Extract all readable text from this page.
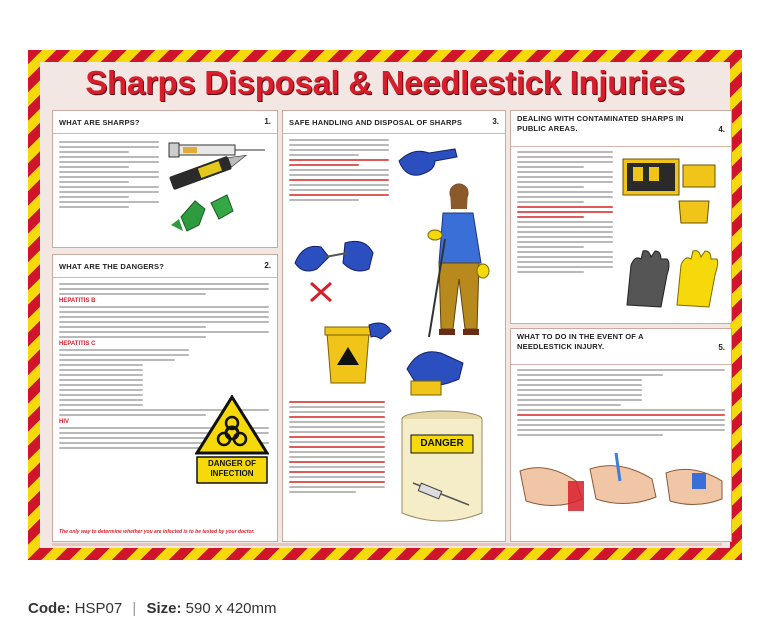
Sharps Disposal & Needlestick Injuries
WHAT ARE SHARPS?	1.
WHAT ARE THE DANGERS?	2.
HEPATITIS B
HEPATITIS C
HIV
DANGER OF
INFECTION
The only way to determine whether you are infected is to be tested by your doctor.
SAFE HANDLING AND DISPOSAL OF SHARPS	3.
DANGER
DEALING WITH CONTAMINATED SHARPS IN PUBLIC AREAS.	4.
WHAT TO DO IN THE EVENT OF A NEEDLESTICK INJURY.	5.
Code: HSP07 | Size: 590 x 420mm
